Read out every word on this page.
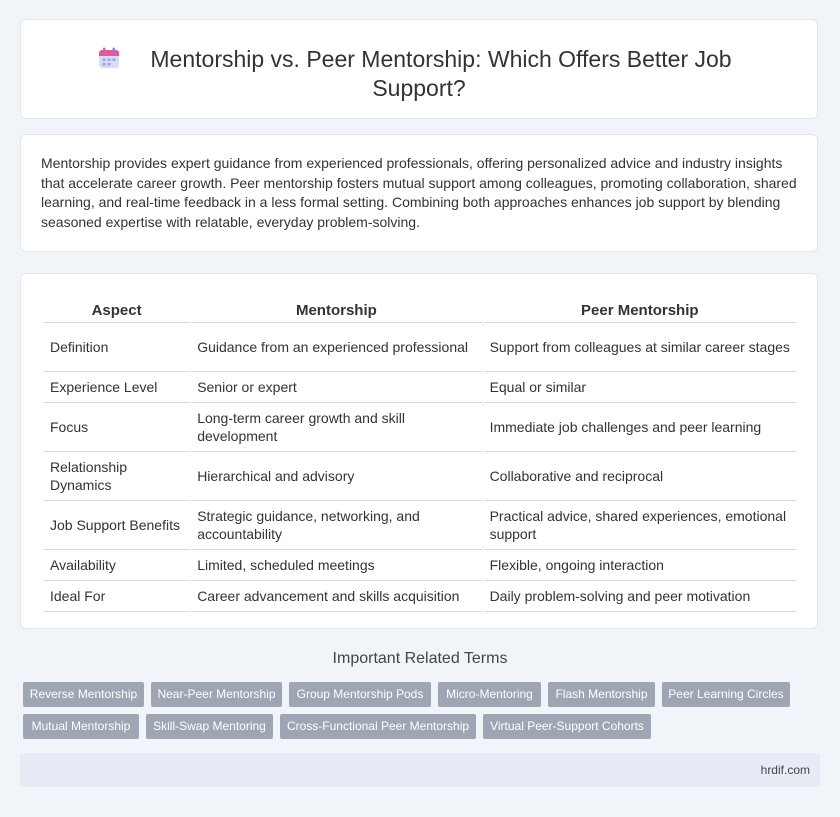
Mentorship vs. Peer Mentorship: Which Offers Better Job
Support?
Mentorship provides expert guidance from experienced professionals, offering personalized advice and industry insights that accelerate career growth. Peer mentorship fosters mutual support among colleagues, promoting collaboration, shared learning, and real-time feedback in a less formal setting. Combining both approaches enhances job support by blending seasoned expertise with relatable, everyday problem-solving.
Aspect	Mentorship	Peer Mentorship
Definition	Guidance from an experienced professional	Support from colleagues at similar career stages
Experience Level	Senior or expert	Equal or similar
Focus	Long-term career growth and skill development	Immediate job challenges and peer learning
Relationship Dynamics	Hierarchical and advisory	Collaborative and reciprocal
Job Support Benefits	Strategic guidance, networking, and accountability	Practical advice, shared experiences, emotional support
Availability	Limited, scheduled meetings	Flexible, ongoing interaction
Ideal For	Career advancement and skills acquisition	Daily problem-solving and peer motivation
Important Related Terms
Reverse Mentorship	Near-Peer Mentorship	Group Mentorship Pods	Micro-Mentoring	Flash Mentorship	Peer Learning Circles
Mutual Mentorship	Skill-Swap Mentoring	Cross-Functional Peer Mentorship	Virtual Peer-Support Cohorts
hrdif.com
